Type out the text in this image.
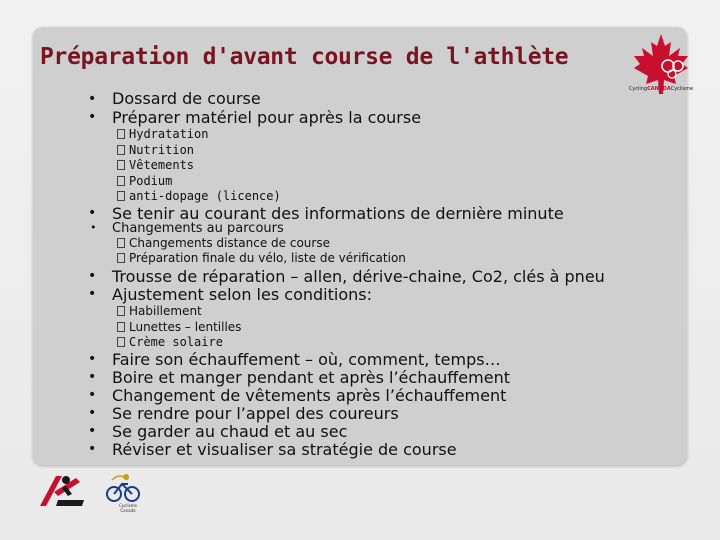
Préparation d'avant course de l'athlète
CyclingCANADACyclisme
• Dossard de course
• Préparer matériel pour après la course
Hydratation
Nutrition
Vêtements
Podium
anti-dopage (licence)
• Se tenir au courant des informations de dernière minute
• Changements au parcours
Changements distance de course
Préparation finale du vélo, liste de vérification
• Trousse de réparation – allen, dérive-chaine, Co2, clés à pneu
• Ajustement selon les conditions:
Habillement
Lunettes – lentilles
Crème solaire
• Faire son échauffement – où, comment, temps…
• Boire et manger pendant et après l’échauffement
• Changement de vêtements après l’échauffement
• Se rendre pour l’appel des coureurs
• Se garder au chaud et au sec
• Réviser et visualiser sa stratégie de course
Cyclisme
Canada
